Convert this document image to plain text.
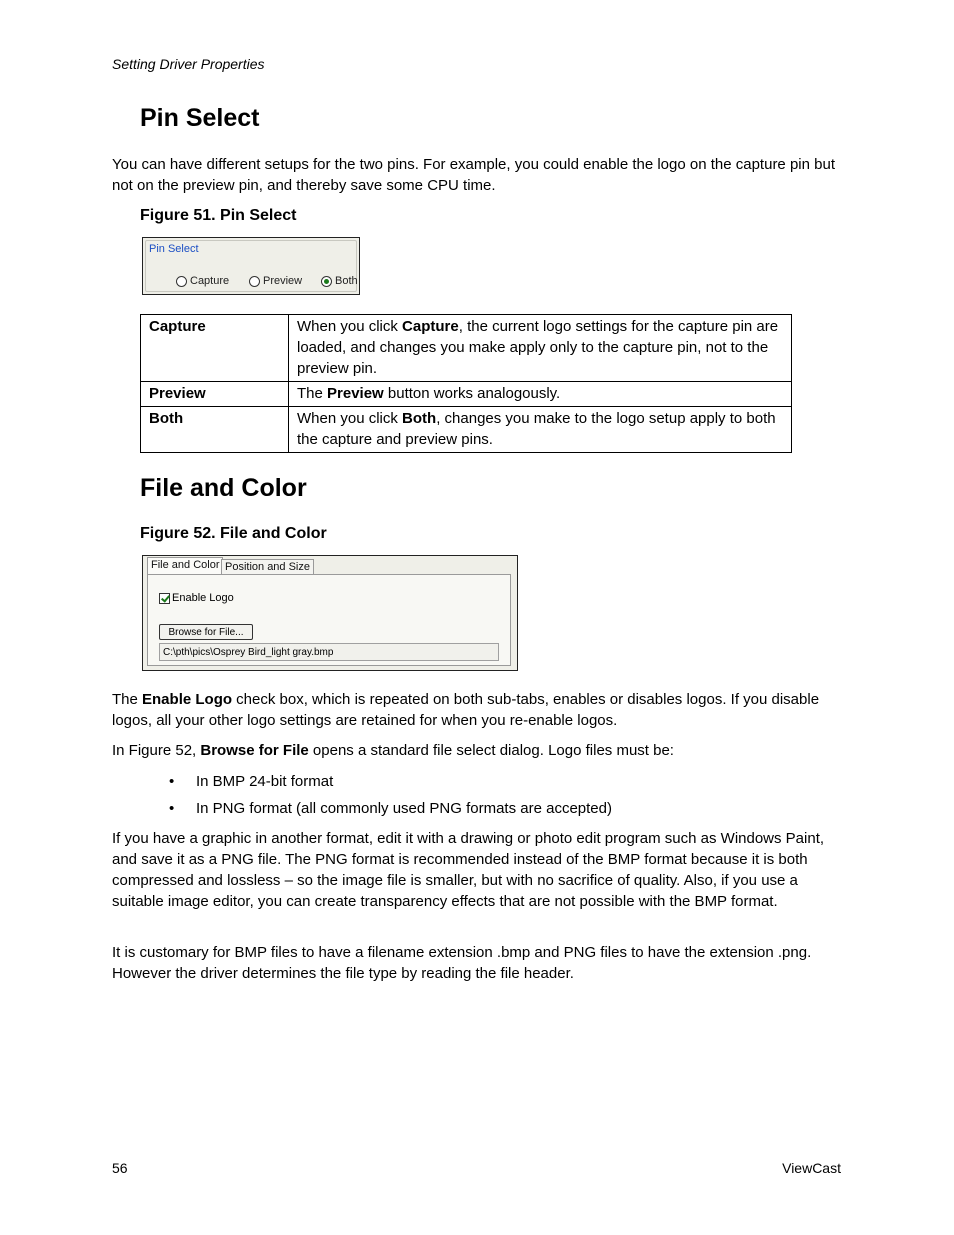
Setting Driver Properties
Pin Select
You can have different setups for the two pins. For example, you could enable the logo on the capture pin but not on the preview pin, and thereby save some CPU time.
Figure 51. Pin Select
Pin Select
Capture	Preview	Both
Capture	When you click Capture, the current logo settings for the capture pin are loaded, and changes you make apply only to the capture pin, not to the preview pin.
Preview	The Preview button works analogously.
Both	When you click Both, changes you make to the logo setup apply to both the capture and preview pins.
File and Color
Figure 52. File and Color
File and Color Position and Size
Enable Logo
Browse for File...
C:\pth\pics\Osprey Bird_light gray.bmp
The Enable Logo check box, which is repeated on both sub-tabs, enables or disables logos. If you disable logos, all your other logo settings are retained for when you re-enable logos.
In Figure 52, Browse for File opens a standard file select dialog. Logo files must be:
• In BMP 24-bit format
• In PNG format (all commonly used PNG formats are accepted)
If you have a graphic in another format, edit it with a drawing or photo edit program such as Windows Paint, and save it as a PNG file. The PNG format is recommended instead of the BMP format because it is both compressed and lossless – so the image file is smaller, but with no sacrifice of quality. Also, if you use a suitable image editor, you can create transparency effects that are not possible with the BMP format.
It is customary for BMP files to have a filename extension .bmp and PNG files to have the extension .png. However the driver determines the file type by reading the file header.
56	ViewCast
